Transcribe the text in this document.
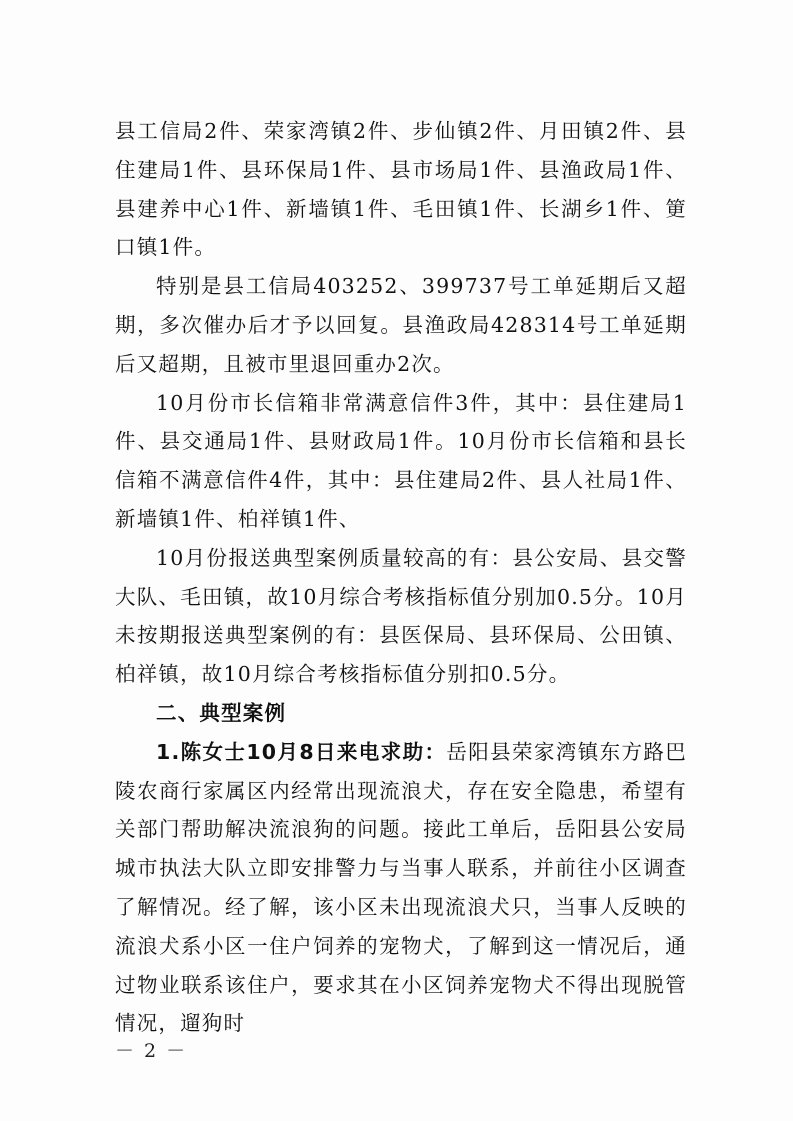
县工信局2件、荣家湾镇2件、步仙镇2件、月田镇2件、县住建局1件、县环保局1件、县市场局1件、县渔政局1件、县建养中心1件、新墙镇1件、毛田镇1件、长湖乡1件、筻口镇1件。

特别是县工信局403252、399737号工单延期后又超期，多次催办后才予以回复。县渔政局428314号工单延期后又超期，且被市里退回重办2次。

10月份市长信箱非常满意信件3件，其中：县住建局1件、县交通局1件、县财政局1件。10月份市长信箱和县长信箱不满意信件4件，其中：县住建局2件、县人社局1件、新墙镇1件、柏祥镇1件、

10月份报送典型案例质量较高的有：县公安局、县交警大队、毛田镇，故10月综合考核指标值分别加0.5分。10月未按期报送典型案例的有：县医保局、县环保局、公田镇、柏祥镇，故10月综合考核指标值分别扣0.5分。

二、典型案例

1.陈女士10月8日来电求助：岳阳县荣家湾镇东方路巴陵农商行家属区内经常出现流浪犬，存在安全隐患，希望有关部门帮助解决流浪狗的问题。接此工单后，岳阳县公安局城市执法大队立即安排警力与当事人联系，并前往小区调查了解情况。经了解，该小区未出现流浪犬只，当事人反映的流浪犬系小区一住户饲养的宠物犬，了解到这一情况后，通过物业联系该住户，要求其在小区饲养宠物犬不得出现脱管情况，遛狗时

－ 2 －
